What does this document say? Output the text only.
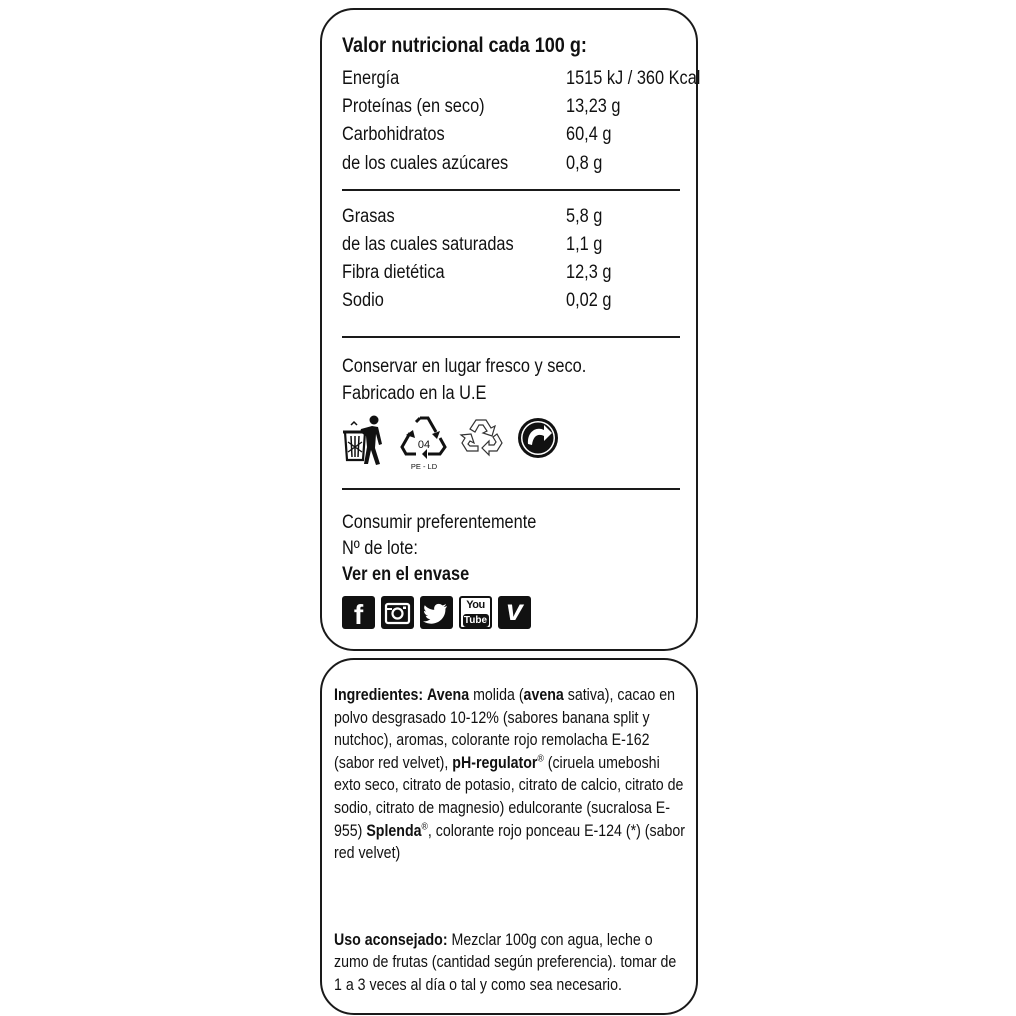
Valor nutricional cada 100 g:
Energía	1515 kJ / 360 Kcal
Proteínas (en seco)	13,23 g
Carbohidratos	60,4 g
de los cuales azúcares	0,8 g
Grasas	5,8 g
de las cuales saturadas	1,1 g
Fibra dietética	12,3 g
Sodio	0,02 g
Conservar en lugar fresco y seco.
Fabricado en la U.E
04
PE - LD
Consumir preferentemente
Nº de lote:
Ver en el envase
f	You
Tube v

Ingredientes: Avena molida (avena sativa), cacao en polvo desgrasado 10-12% (sabores banana split y nutchoc), aromas, colorante rojo remolacha E-162 (sabor red velvet), pH-regulator® (ciruela umeboshi exto seco, citrato de potasio, citrato de calcio, citrato de sodio, citrato de magnesio) edulcorante (sucralosa E-955) Splenda®, colorante rojo ponceau E-124 (*) (sabor red velvet)

Uso aconsejado: Mezclar 100g con agua, leche o zumo de frutas (cantidad según preferencia). tomar de 1 a 3 veces al día o tal y como sea necesario.
